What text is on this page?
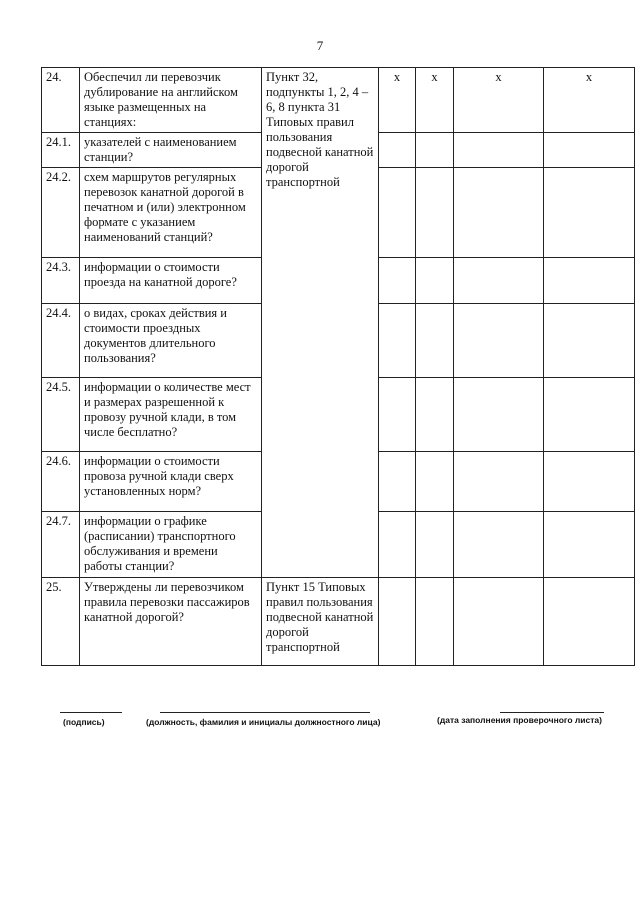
7
24.	Обеспечил ли перевозчик дублирование на английском языке размещенных на станциях:	Пункт 32, подпункты 1, 2, 4 – 6, 8 пункта 31 Типовых правил пользования подвесной канатной дорогой транспортной	x	x	x	x
24.1.	указателей с наименованием станции?					
24.2.	схем маршрутов регулярных перевозок канатной дорогой в печатном и (или) электронном формате с указанием наименований станций?					
24.3.	информации о стоимости проезда на канатной дороге?					
24.4.	о видах, сроках действия и стоимости проездных документов длительного пользования?					
24.5.	информации о количестве мест и размерах разрешенной к провозу ручной клади, в том числе бесплатно?					
24.6.	информации о стоимости провоза ручной клади сверх установленных норм?					
24.7.	информации о графике (расписании) транспортного обслуживания и времени работы станции?					
25.	Утверждены ли перевозчиком правила перевозки пассажиров канатной дорогой?	Пункт 15 Типовых правил пользования подвесной канатной дорогой транспортной				
(подпись)	(должность, фамилия и инициалы должностного лица)	(дата заполнения проверочного листа)
